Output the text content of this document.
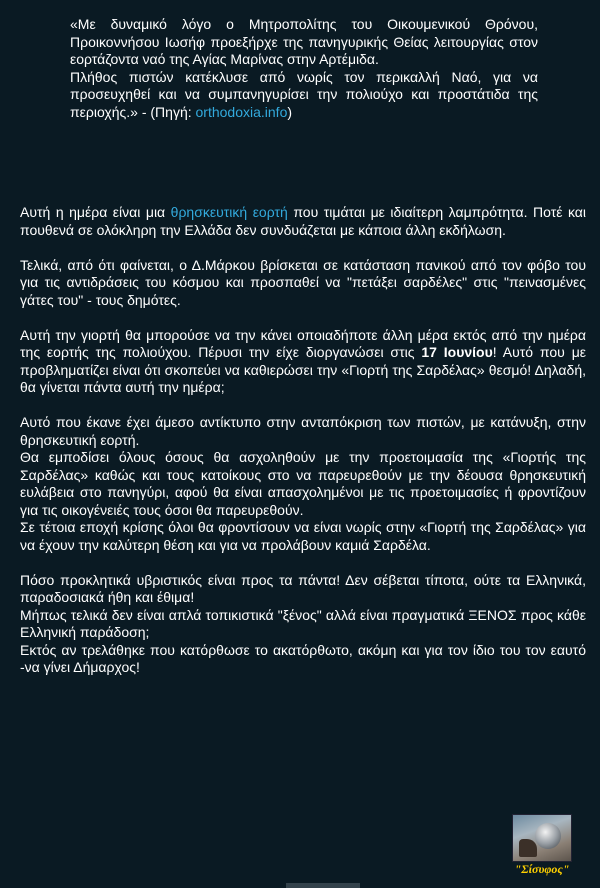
«Με δυναμικό λόγο ο Μητροπολίτης του Οικουμενικού Θρόνου, Προικοννήσου Ιωσήφ προεξήρχε της πανηγυρικής Θείας λειτουργίας στον εορτάζοντα ναό της Αγίας Μαρίνας στην Αρτέμιδα.
Πλήθος πιστών κατέκλυσε από νωρίς τον περικαλλή Ναό, για να προσευχηθεί και να συμπανηγυρίσει την πολιούχο και προστάτιδα της περιοχής.» - (Πηγή: orthodoxia.info)
Αυτή η ημέρα είναι μια θρησκευτική εορτή που τιμάται με ιδιαίτερη λαμπρότητα. Ποτέ και πουθενά σε ολόκληρη την Ελλάδα δεν συνδυάζεται με κάποια άλλη εκδήλωση.
Τελικά, από ότι φαίνεται, ο Δ.Μάρκου βρίσκεται σε κατάσταση πανικού από τον φόβο του για τις αντιδράσεις του κόσμου και προσπαθεί να "πετάξει σαρδέλες" στις "πεινασμένες γάτες του" - τους δημότες.
Αυτή την γιορτή θα μπορούσε να την κάνει οποιαδήποτε άλλη μέρα εκτός από την ημέρα της εορτής της πολιούχου. Πέρυσι την είχε διοργανώσει στις 17 Ιουνίου! Αυτό που με προβληματίζει είναι ότι σκοπεύει να καθιερώσει την «Γιορτή της Σαρδέλας» θεσμό! Δηλαδή, θα γίνεται πάντα αυτή την ημέρα;

Αυτό που έκανε έχει άμεσο αντίκτυπο στην ανταπόκριση των πιστών, με κατάνυξη, στην θρησκευτική εορτή.

Θα εμποδίσει όλους όσους θα ασχοληθούν με την προετοιμασία της «Γιορτής της Σαρδέλας» καθώς και τους κατοίκους στο να παρευρεθούν με την δέουσα θρησκευτική ευλάβεια στο πανηγύρι, αφού θα είναι απασχολημένοι με τις προετοιμασίες ή φροντίζουν για τις οικογένειές τους όσοι θα παρευρεθούν.

Σε τέτοια εποχή κρίσης όλοι θα φροντίσουν να είναι νωρίς στην «Γιορτή της Σαρδέλας» για να έχουν την καλύτερη θέση και για να προλάβουν καμιά Σαρδέλα.

Πόσο προκλητικά υβριστικός είναι προς τα πάντα! Δεν σέβεται τίποτα, ούτε τα Ελληνικά, παραδοσιακά ήθη και έθιμα!

Μήπως τελικά δεν είναι απλά τοπικιστικά "ξένος" αλλά είναι πραγματικά ΞΕΝΟΣ προς κάθε Ελληνική παράδοση;

Εκτός αν τρελάθηκε που κατόρθωσε το ακατόρθωτο, ακόμη και για τον ίδιο του τον εαυτό -να γίνει Δήμαρχος!

"Σίσυφος"
